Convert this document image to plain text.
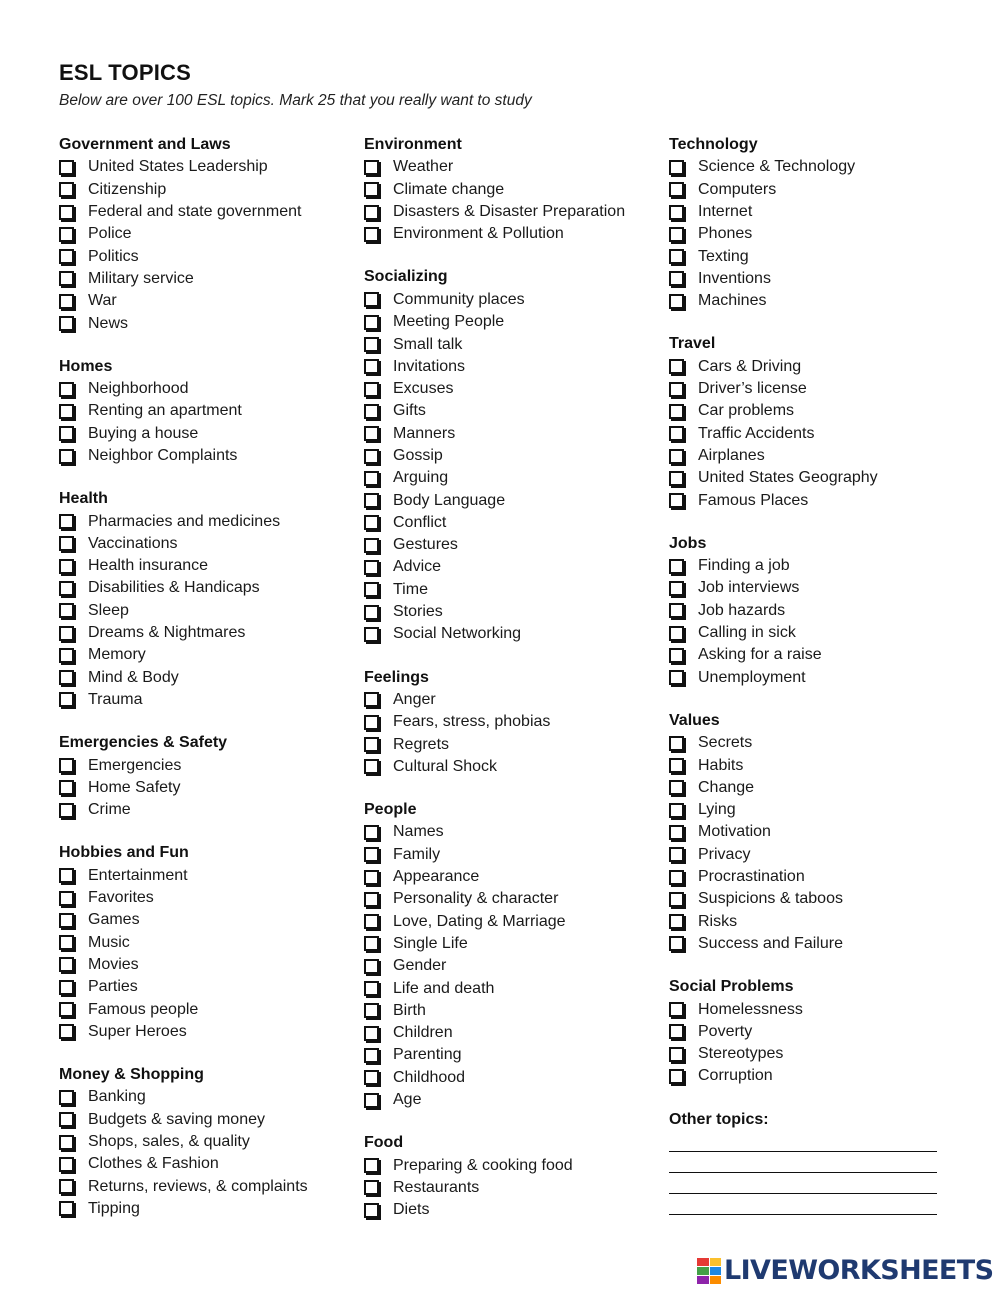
ESL TOPICS
Below are over 100 ESL topics. Mark 25 that you really want to study
Government and Laws
United States Leadership
Citizenship
Federal and state government
Police
Politics
Military service
War
News
Homes
Neighborhood
Renting an apartment
Buying a house
Neighbor Complaints
Health
Pharmacies and medicines
Vaccinations
Health insurance
Disabilities & Handicaps
Sleep
Dreams & Nightmares
Memory
Mind & Body
Trauma
Emergencies & Safety
Emergencies
Home Safety
Crime
Hobbies and Fun
Entertainment
Favorites
Games
Music
Movies
Parties
Famous people
Super Heroes
Money & Shopping
Banking
Budgets & saving money
Shops, sales, & quality
Clothes & Fashion
Returns, reviews, & complaints
Tipping
Environment
Weather
Climate change
Disasters & Disaster Preparation
Environment & Pollution
Socializing
Community places
Meeting People
Small talk
Invitations
Excuses
Gifts
Manners
Gossip
Arguing
Body Language
Conflict
Gestures
Advice
Time
Stories
Social Networking
Feelings
Anger
Fears, stress, phobias
Regrets
Cultural Shock
People
Names
Family
Appearance
Personality & character
Love, Dating & Marriage
Single Life
Gender
Life and death
Birth
Children
Parenting
Childhood
Age
Food
Preparing & cooking food
Restaurants
Diets
Technology
Science & Technology
Computers
Internet
Phones
Texting
Inventions
Machines
Travel
Cars & Driving
Driver’s license
Car problems
Traffic Accidents
Airplanes
United States Geography
Famous Places
Jobs
Finding a job
Job interviews
Job hazards
Calling in sick
Asking for a raise
Unemployment
Values
Secrets
Habits
Change
Lying
Motivation
Privacy
Procrastination
Suspicions & taboos
Risks
Success and Failure
Social Problems
Homelessness
Poverty
Stereotypes
Corruption
Other topics:
LIVEWORKSHEETS
